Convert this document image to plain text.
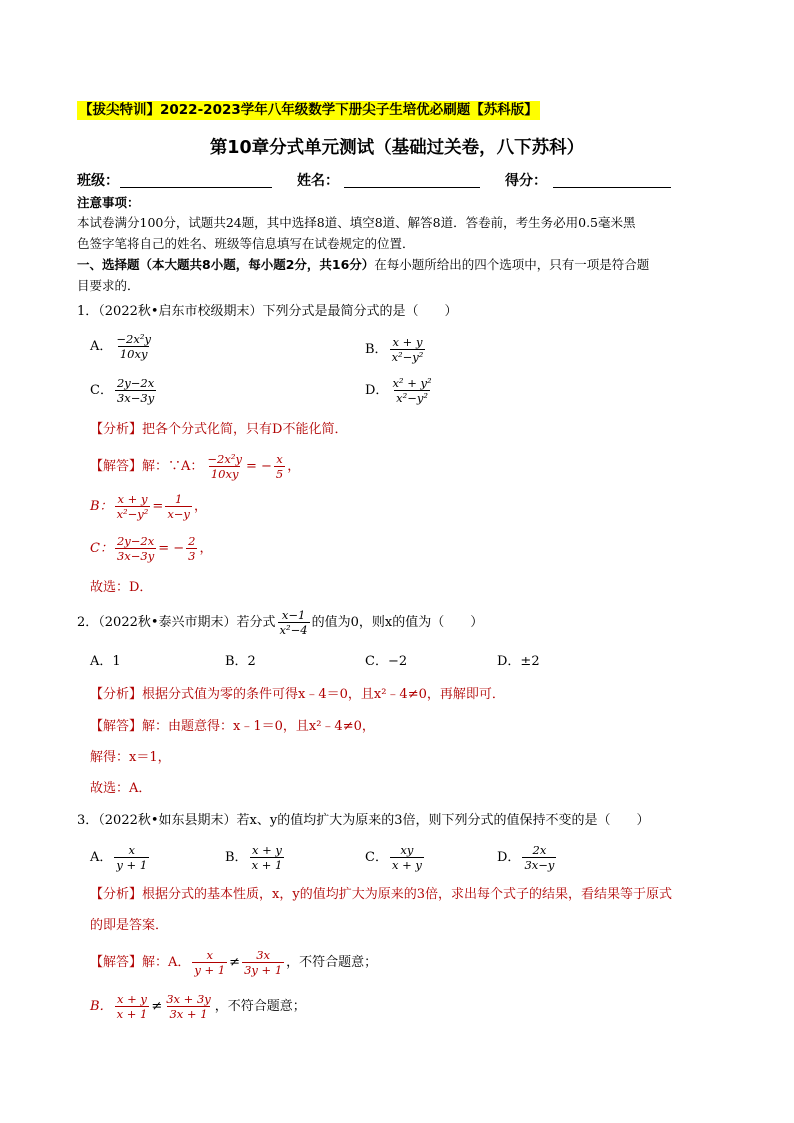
【拔尖特训】2022-2023学年八年级数学下册尖子生培优必刷题【苏科版】
第10章分式单元测试（基础过关卷，八下苏科）
班级：	姓名：	得分：
注意事项：
本试卷满分100分，试题共24题，其中选择8道、填空8道、解答8道．答卷前，考生务必用0.5毫米黑
色签字笔将自己的姓名、班级等信息填写在试卷规定的位置．
一、选择题（本大题共8小题，每小题2分，共16分）在每小题所给出的四个选项中，只有一项是符合题
目要求的．
1．（2022秋•启东市校级期末）下列分式是最简分式的是（　　）
A． $\frac{\text{−2x²y}}{10xy}$	B． $\frac{x + y}{\text{x²−y²}}$
C． $\frac{2y-2x}{3x-3y}$	D． $\frac{\text{x² + y²}}{\text{x²−y²}}$
【分析】把各个分式化简，只有D不能化简．
【解答】解：∵A： $\frac{\text{−2x²y}}{10xy}$ = − $\frac{x}{5}$ ，
B： $\frac{x + y}{\text{x²−y²}} = \frac{1}{x-y}$ ，
C： $\frac{2y-2x}{3x-3y}$ = − $\frac{2}{3}$ ，
故选：D．
2．（2022秋•泰兴市期末）若分式 $\frac{x-1}{\text{x²−4}}$ 的值为0，则x的值为（　　）
A．1	B．2	C．−2	D．±2
【分析】根据分式值为零的条件可得x﹣4＝0，且x²﹣4≠0，再解即可．
【解答】解：由题意得：x﹣1＝0，且x²﹣4≠0，
解得：x＝1，
故选：A．
3．（2022秋•如东县期末）若x、y的值均扩大为原来的3倍，则下列分式的值保持不变的是（　　）
A． $\frac{x}{y + 1}$	B． $\frac{x + y}{x + 1}$	C． $\frac{xy}{x + y}$	D． $\frac{2x}{3x-y}$
【分析】根据分式的基本性质，x，y的值均扩大为原来的3倍，求出每个式子的结果，看结果等于原式
的即是答案．
【解答】解：A． $\frac{x}{y + 1} \ne \frac{3x}{3y + 1}$ ，不符合题意；
B． $\frac{x + y}{x + 1} \ne \frac{3x + 3y}{3x + 1}$ ，不符合题意；
